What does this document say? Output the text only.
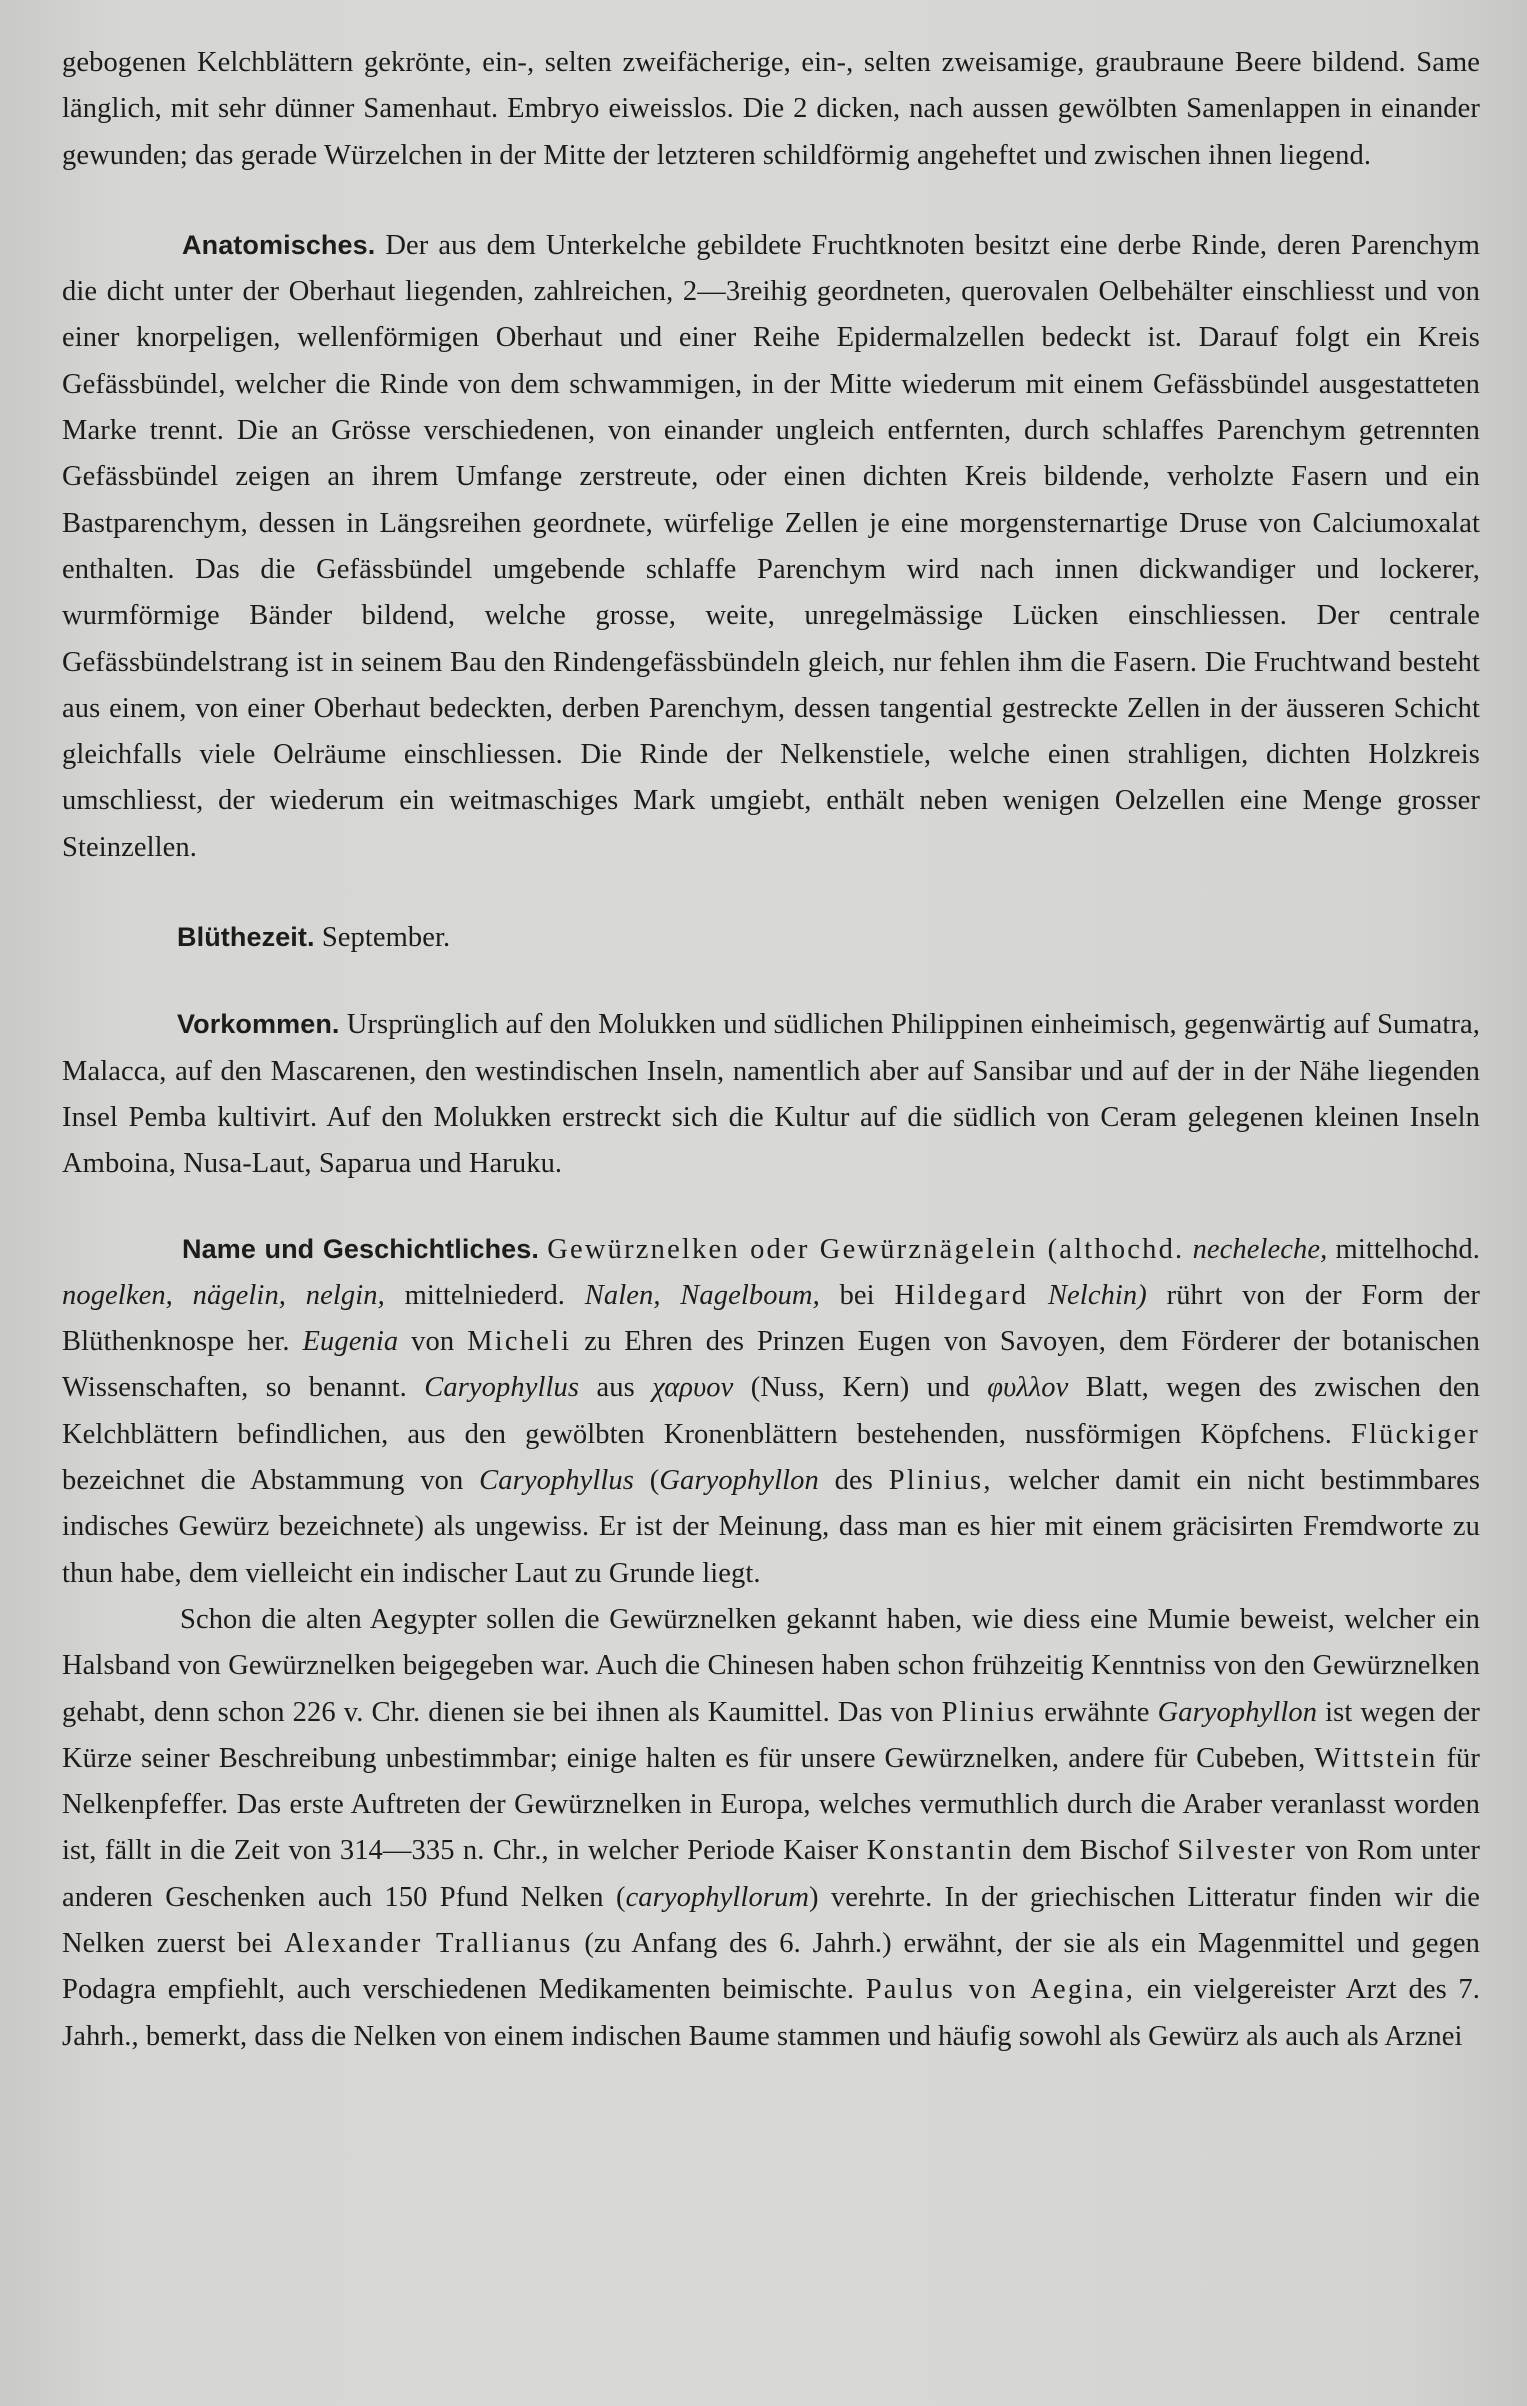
gebogenen Kelchblättern gekrönte, ein-, selten zweifächerige, ein-, selten zweisamige, graubraune Beere bildend. Same länglich, mit sehr dünner Samenhaut. Embryo eiweisslos. Die 2 dicken, nach aussen gewölbten Samenlappen in einander gewunden; das gerade Würzelchen in der Mitte der letzteren schildförmig angeheftet und zwischen ihnen liegend.

Anatomisches. Der aus dem Unterkelche gebildete Fruchtknoten besitzt eine derbe Rinde, deren Parenchym die dicht unter der Oberhaut liegenden, zahlreichen, 2—3reihig geordneten, querovalen Oelbehälter einschliesst und von einer knorpeligen, wellenförmigen Oberhaut und einer Reihe Epidermalzellen bedeckt ist. Darauf folgt ein Kreis Gefässbündel, welcher die Rinde von dem schwammigen, in der Mitte wiederum mit einem Gefässbündel ausgestatteten Marke trennt. Die an Grösse verschiedenen, von einander ungleich entfernten, durch schlaffes Parenchym getrennten Gefässbündel zeigen an ihrem Umfange zerstreute, oder einen dichten Kreis bildende, verholzte Fasern und ein Bastparenchym, dessen in Längsreihen geordnete, würfelige Zellen je eine morgensternartige Druse von Calciumoxalat enthalten. Das die Gefässbündel umgebende schlaffe Parenchym wird nach innen dickwandiger und lockerer, wurmförmige Bänder bildend, welche grosse, weite, unregelmässige Lücken einschliessen. Der centrale Gefässbündelstrang ist in seinem Bau den Rindengefässbündeln gleich, nur fehlen ihm die Fasern. Die Fruchtwand besteht aus einem, von einer Oberhaut bedeckten, derben Parenchym, dessen tangential gestreckte Zellen in der äusseren Schicht gleichfalls viele Oelräume einschliessen. Die Rinde der Nelkenstiele, welche einen strahligen, dichten Holzkreis umschliesst, der wiederum ein weitmaschiges Mark umgiebt, enthält neben wenigen Oelzellen eine Menge grosser Steinzellen.

Blüthezeit. September.

Vorkommen. Ursprünglich auf den Molukken und südlichen Philippinen einheimisch, gegenwärtig auf Sumatra, Malacca, auf den Mascarenen, den westindischen Inseln, namentlich aber auf Sansibar und auf der in der Nähe liegenden Insel Pemba kultivirt. Auf den Molukken erstreckt sich die Kultur auf die südlich von Ceram gelegenen kleinen Inseln Amboina, Nusa-Laut, Saparua und Haruku.

Name und Geschichtliches. Gewürznelken oder Gewürznägelein (althochd. necheleche, mittelhochd. nogelken, nägelin, nelgin, mittelniederd. Nalen, Nagelboum, bei Hildegard Nelchin) rührt von der Form der Blüthenknospe her. Eugenia von Micheli zu Ehren des Prinzen Eugen von Savoyen, dem Förderer der botanischen Wissenschaften, so benannt. Caryophyllus aus χαρυον (Nuss, Kern) und φυλλον Blatt, wegen des zwischen den Kelchblättern befindlichen, aus den gewölbten Kronenblättern bestehenden, nussförmigen Köpfchens. Flückiger bezeichnet die Abstammung von Caryophyllus (Garyophyllon des Plinius, welcher damit ein nicht bestimmbares indisches Gewürz bezeichnete) als ungewiss. Er ist der Meinung, dass man es hier mit einem gräcisirten Fremdworte zu thun habe, dem vielleicht ein indischer Laut zu Grunde liegt.

Schon die alten Aegypter sollen die Gewürznelken gekannt haben, wie diess eine Mumie beweist, welcher ein Halsband von Gewürznelken beigegeben war. Auch die Chinesen haben schon frühzeitig Kenntniss von den Gewürznelken gehabt, denn schon 226 v. Chr. dienen sie bei ihnen als Kaumittel. Das von Plinius erwähnte Garyophyllon ist wegen der Kürze seiner Beschreibung unbestimmbar; einige halten es für unsere Gewürznelken, andere für Cubeben, Wittstein für Nelkenpfeffer. Das erste Auftreten der Gewürznelken in Europa, welches vermuthlich durch die Araber veranlasst worden ist, fällt in die Zeit von 314—335 n. Chr., in welcher Periode Kaiser Konstantin dem Bischof Silvester von Rom unter anderen Geschenken auch 150 Pfund Nelken (caryophyllorum) verehrte. In der griechischen Litteratur finden wir die Nelken zuerst bei Alexander Trallianus (zu Anfang des 6. Jahrh.) erwähnt, der sie als ein Magenmittel und gegen Podagra empfiehlt, auch verschiedenen Medikamenten beimischte. Paulus von Aegina, ein vielgereister Arzt des 7. Jahrh., bemerkt, dass die Nelken von einem indischen Baume stammen und häufig sowohl als Gewürz als auch als Arznei
